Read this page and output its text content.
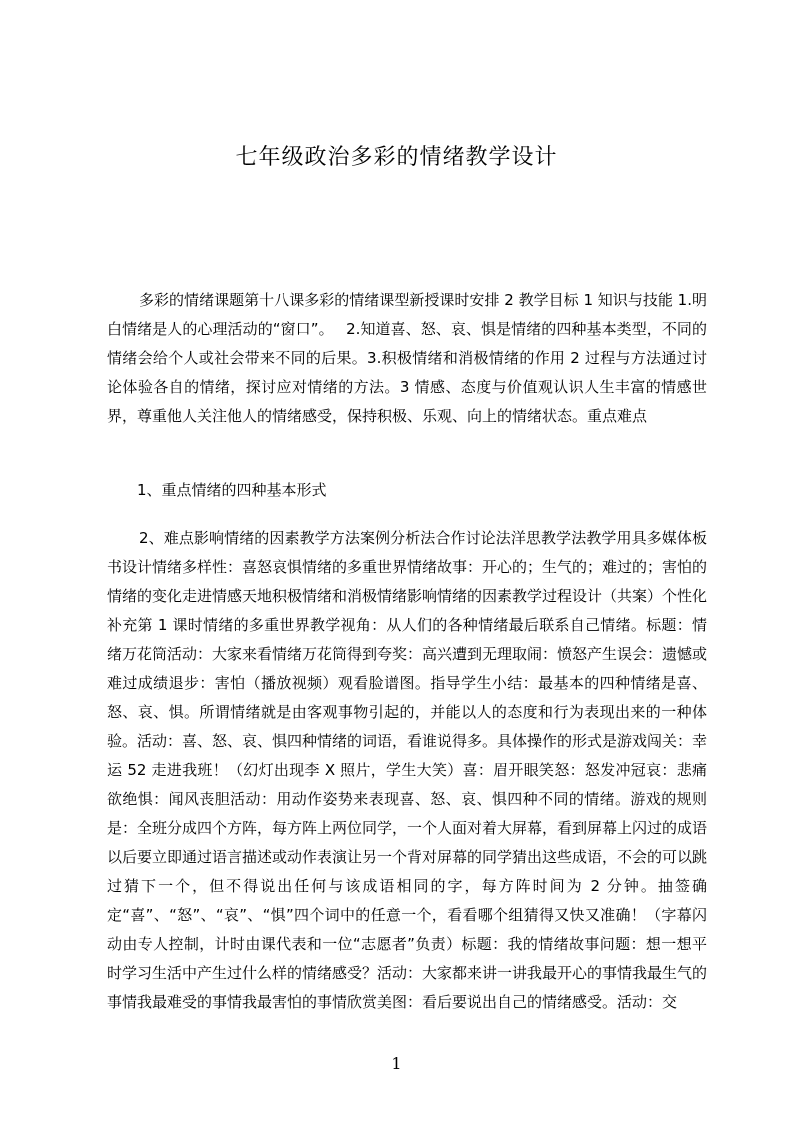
七年级政治多彩的情绪教学设计

多彩的情绪课题第十八课多彩的情绪课型新授课时安排 2 教学目标 1 知识与技能 1.明白情绪是人的心理活动的“窗口”。　 2.知道喜、怒、哀、惧是情绪的四种基本类型，不同的情绪会给个人或社会带来不同的后果。3.积极情绪和消极情绪的作用 2 过程与方法通过讨论体验各自的情绪，探讨应对情绪的方法。3 情感、态度与价值观认识人生丰富的情感世界，尊重他人关注他人的情绪感受，保持积极、乐观、向上的情绪状态。重点难点

1、重点情绪的四种基本形式

2、难点影响情绪的因素教学方法案例分析法合作讨论法洋思教学法教学用具多媒体板书设计情绪多样性：喜怒哀惧情绪的多重世界情绪故事：开心的；生气的；难过的；害怕的情绪的变化走进情感天地积极情绪和消极情绪影响情绪的因素教学过程设计（共案）个性化补充第 1 课时情绪的多重世界教学视角：从人们的各种情绪最后联系自己情绪。标题：情绪万花筒活动：大家来看情绪万花筒得到夸奖：高兴遭到无理取闹：愤怒产生误会：遗憾或难过成绩退步：害怕（播放视频）观看脸谱图。指导学生小结：最基本的四种情绪是喜、怒、哀、惧。所谓情绪就是由客观事物引起的，并能以人的态度和行为表现出来的一种体验。活动：喜、怒、哀、惧四种情绪的词语，看谁说得多。具体操作的形式是游戏闯关：幸运 52 走进我班！（幻灯出现李 X 照片，学生大笑）喜：眉开眼笑怒：怒发冲冠哀：悲痛欲绝惧：闻风丧胆活动：用动作姿势来表现喜、怒、哀、惧四种不同的情绪。游戏的规则是：全班分成四个方阵，每方阵上两位同学，一个人面对着大屏幕，看到屏幕上闪过的成语以后要立即通过语言描述或动作表演让另一个背对屏幕的同学猜出这些成语，不会的可以跳过猜下一个，但不得说出任何与该成语相同的字，每方阵时间为 2 分钟。抽签确定“喜”、“怒”、“哀”、“惧”四个词中的任意一个，看看哪个组猜得又快又准确！（字幕闪动由专人控制，计时由课代表和一位“志愿者”负责）标题：我的情绪故事问题：想一想平时学习生活中产生过什么样的情绪感受？活动：大家都来讲一讲我最开心的事情我最生气的事情我最难受的事情我最害怕的事情欣赏美图：看后要说出自己的情绪感受。活动：交

1
